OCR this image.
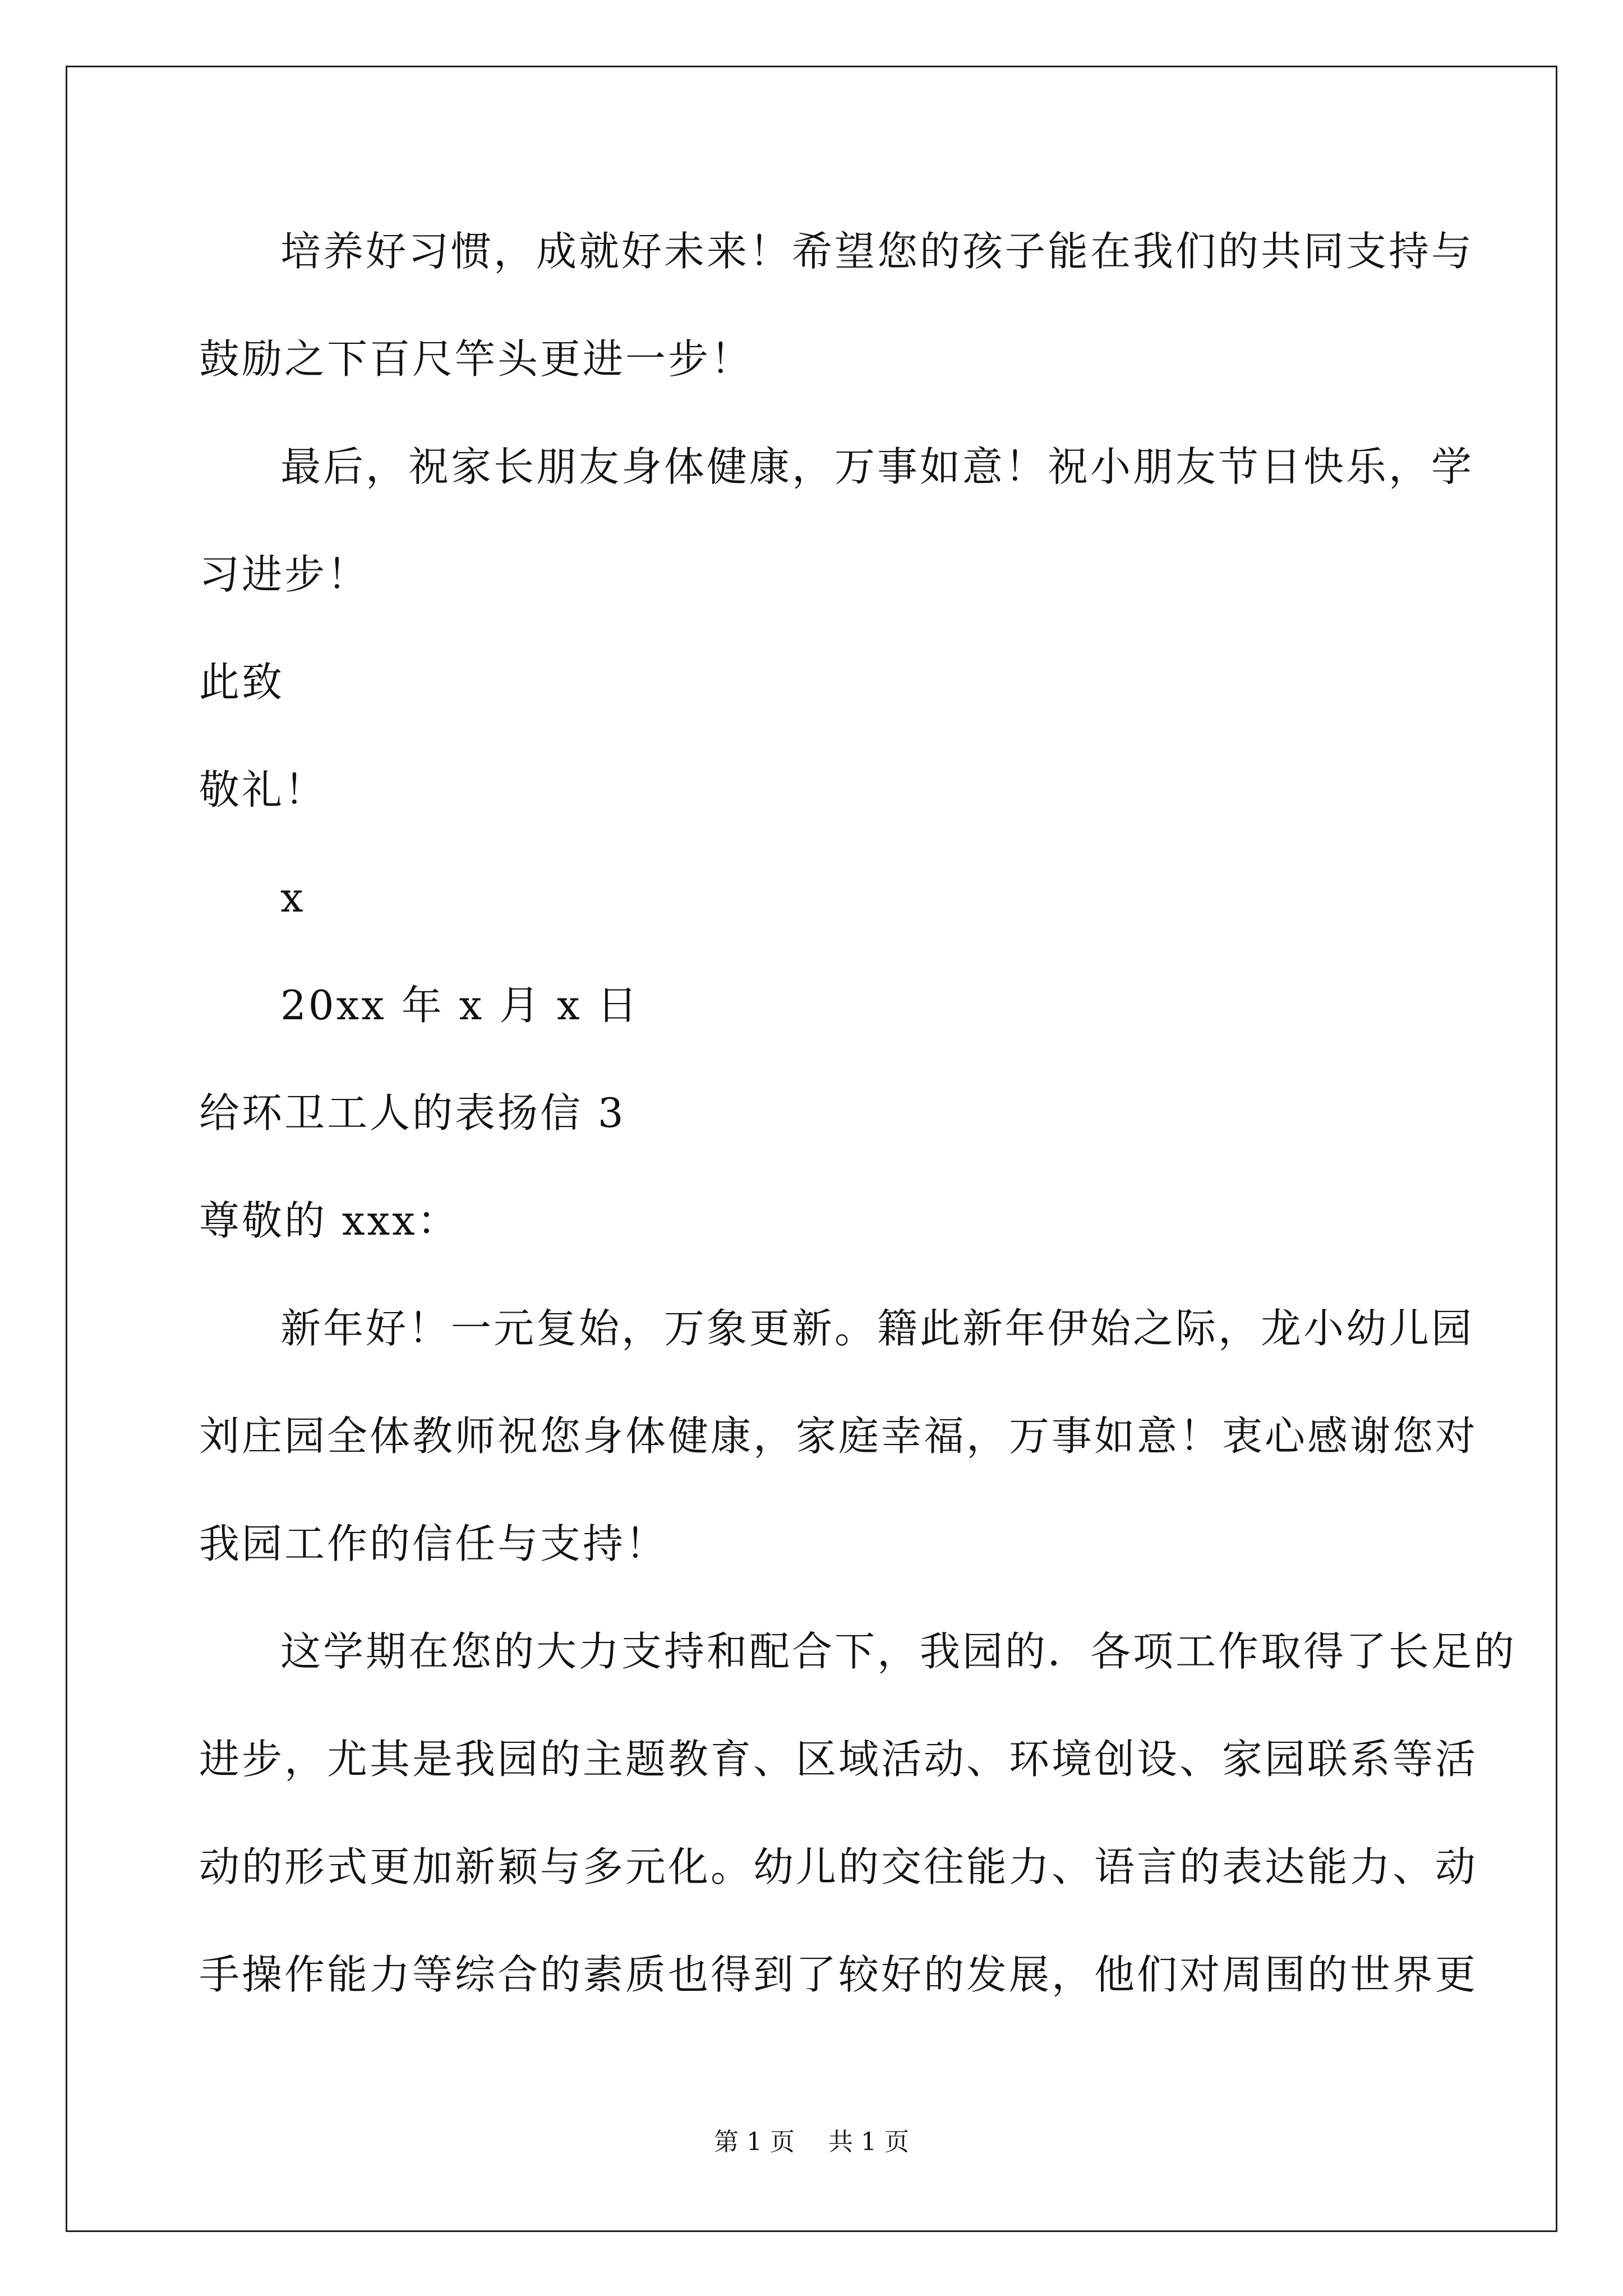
培养好习惯，成就好未来！希望您的孩子能在我们的共同支持与
鼓励之下百尺竿头更进一步！
最后，祝家长朋友身体健康，万事如意！祝小朋友节日快乐，学
习进步！
此致
敬礼！
x
20xx 年 x 月 x 日
给环卫工人的表扬信 3
尊敬的 xxx：
新年好！一元复始，万象更新。籍此新年伊始之际，龙小幼儿园
刘庄园全体教师祝您身体健康，家庭幸福，万事如意！衷心感谢您对
我园工作的信任与支持！
这学期在您的大力支持和配合下，我园的．各项工作取得了长足的
进步，尤其是我园的主题教育、区域活动、环境创设、家园联系等活
动的形式更加新颖与多元化。幼儿的交往能力、语言的表达能力、动
手操作能力等综合的素质也得到了较好的发展，他们对周围的世界更
第 1 页 共 1 页
